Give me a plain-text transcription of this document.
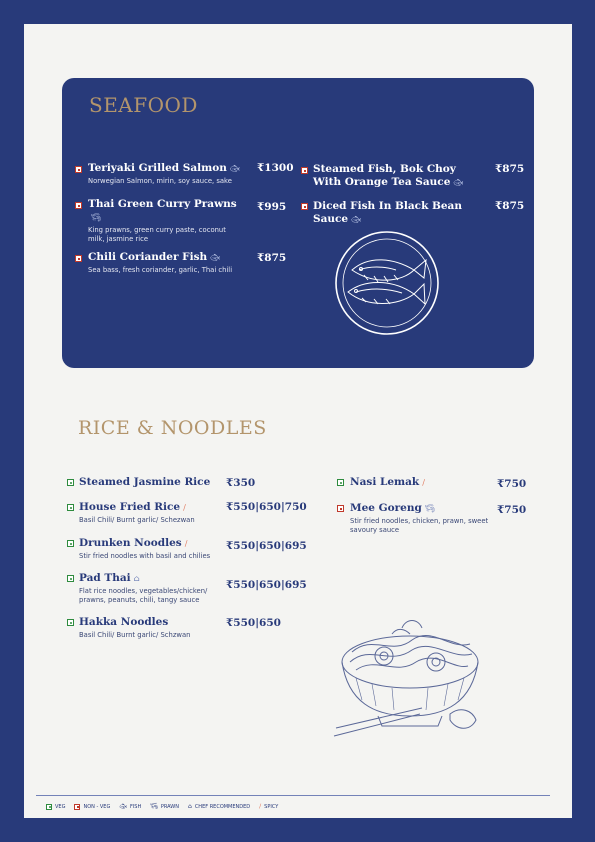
SEAFOOD
Teriyaki Grilled Salmon 🐟︎
Norwegian Salmon, mirin, soy sauce, sake
₹1300
Thai Green Curry Prawns🦐︎
King prawns, green curry paste, coconut milk, jasmine rice
₹995
Chili Coriander Fish 🐟︎
Sea bass, fresh coriander, garlic, Thai chili
₹875
Steamed Fish, Bok Choy With Orange Tea Sauce 🐟︎
₹875
Diced Fish In Black Bean Sauce 🐟︎
₹875
RICE & NOODLES
Steamed Jasmine Rice	₹350
House Fried Rice ∕
Basil Chili/ Burnt garlic/ Schezwan
₹550|650|750
Drunken Noodles ∕
Stir fried noodles with basil and chilies
₹550|650|695
Pad Thai ⌂
Flat rice noodles, vegetables/chicken/ prawns, peanuts, chili, tangy sauce
₹550|650|695
Hakka Noodles
Basil Chili/ Burnt garlic/ Schzwan
₹550|650
Nasi Lemak ∕	₹750
Mee Goreng 🦐︎
Stir fried noodles, chicken, prawn, sweet savoury sauce
₹750
VEG	NON - VEG 🐟︎ FISH 🦐︎ PRAWN ⌂ CHEF RECOMMENDED ∕ SPICY
